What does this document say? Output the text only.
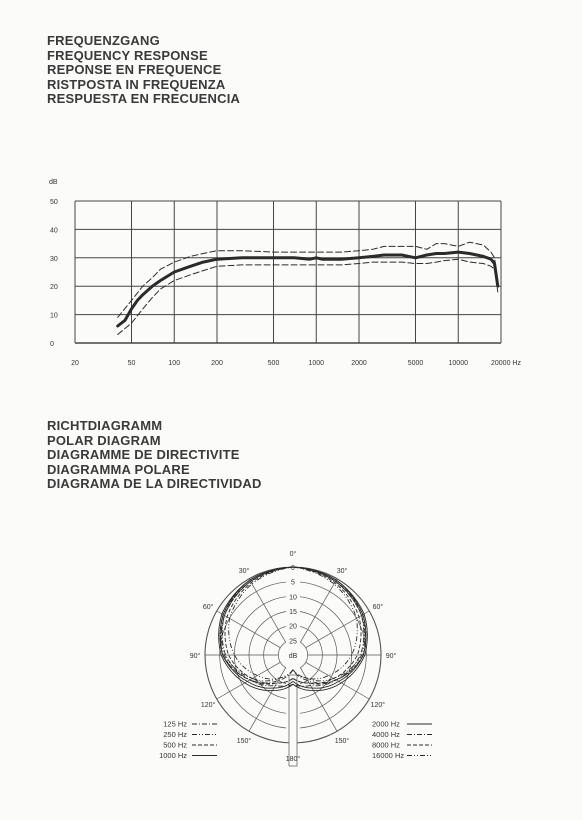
FREQUENZGANG
FREQUENCY RESPONSE
REPONSE EN FREQUENCE
RISTPOSTA IN FREQUENZA
RESPUESTA EN FRECUENCIA
RICHTDIAGRAMM
POLAR DIAGRAM
DIAGRAMME DE DIRECTIVITE
DIAGRAMMA POLARE
DIAGRAMA DE LA DIRECTIVIDAD
dB
0
10
20
30
40
50
20	50	100	200	500	1000	2000	5000	10000	20000 Hz
0
5
10
15
20
25
dB
0°
30°
30°
60°
60°
90°
90°
120°
120°
150°
150°
180°
125 Hz
250 Hz
500 Hz
1000 Hz
2000 Hz
4000 Hz
8000 Hz
16000 Hz
